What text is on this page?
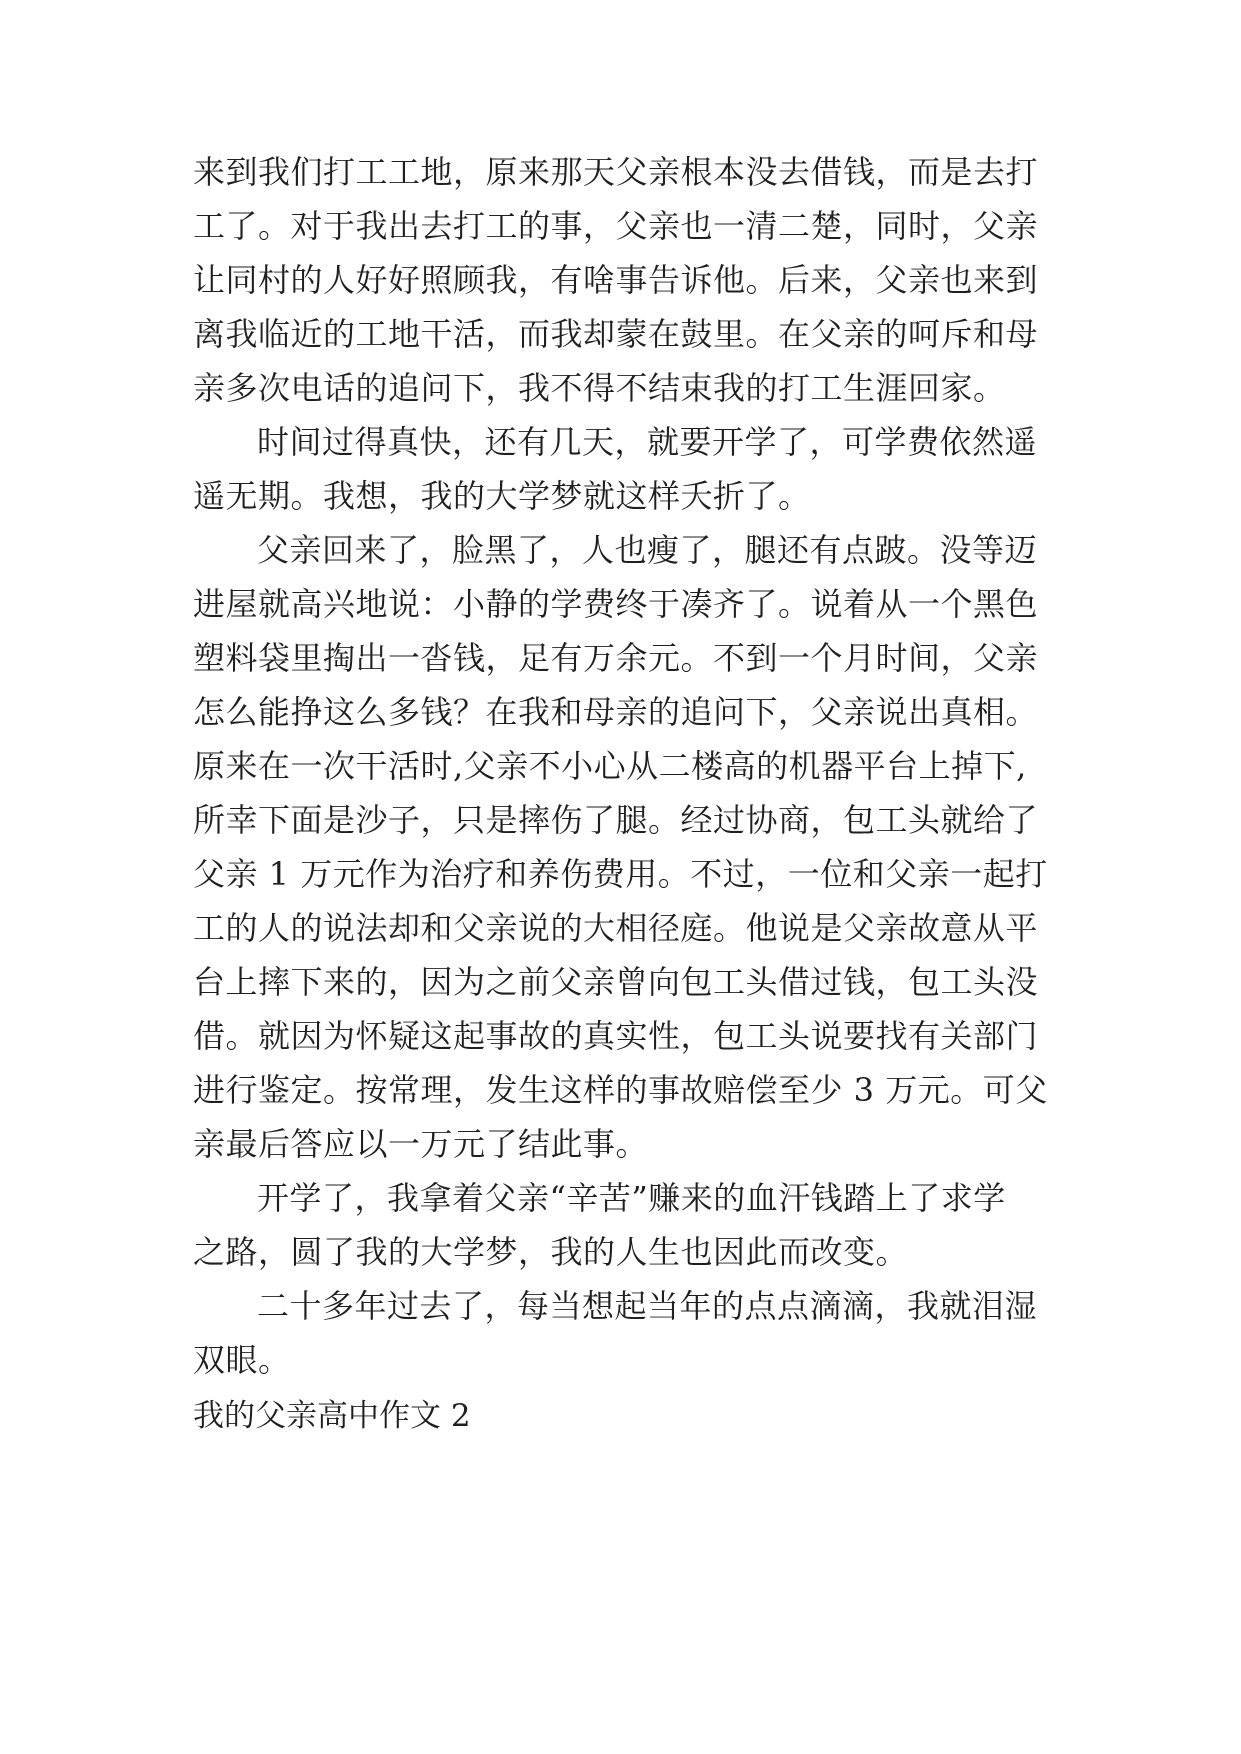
来到我们打工工地，原来那天父亲根本没去借钱，而是去打
工了。对于我出去打工的事，父亲也一清二楚，同时，父亲
让同村的人好好照顾我，有啥事告诉他。后来，父亲也来到
离我临近的工地干活，而我却蒙在鼓里。在父亲的呵斥和母
亲多次电话的追问下，我不得不结束我的打工生涯回家。
时间过得真快，还有几天，就要开学了，可学费依然遥
遥无期。我想，我的大学梦就这样夭折了。
父亲回来了，脸黑了，人也瘦了，腿还有点跛。没等迈
进屋就高兴地说：小静的学费终于凑齐了。说着从一个黑色
塑料袋里掏出一沓钱，足有万余元。不到一个月时间，父亲
怎么能挣这么多钱？在我和母亲的追问下，父亲说出真相。
原来在一次干活时,父亲不小心从二楼高的机器平台上掉下,
所幸下面是沙子，只是摔伤了腿。经过协商，包工头就给了
父亲 1 万元作为治疗和养伤费用。不过，一位和父亲一起打
工的人的说法却和父亲说的大相径庭。他说是父亲故意从平
台上摔下来的，因为之前父亲曾向包工头借过钱，包工头没
借。就因为怀疑这起事故的真实性，包工头说要找有关部门
进行鉴定。按常理，发生这样的事故赔偿至少 3 万元。可父
亲最后答应以一万元了结此事。
开学了，我拿着父亲“辛苦”赚来的血汗钱踏上了求学
之路，圆了我的大学梦，我的人生也因此而改变。
二十多年过去了，每当想起当年的点点滴滴，我就泪湿
双眼。
我的父亲高中作文 2
